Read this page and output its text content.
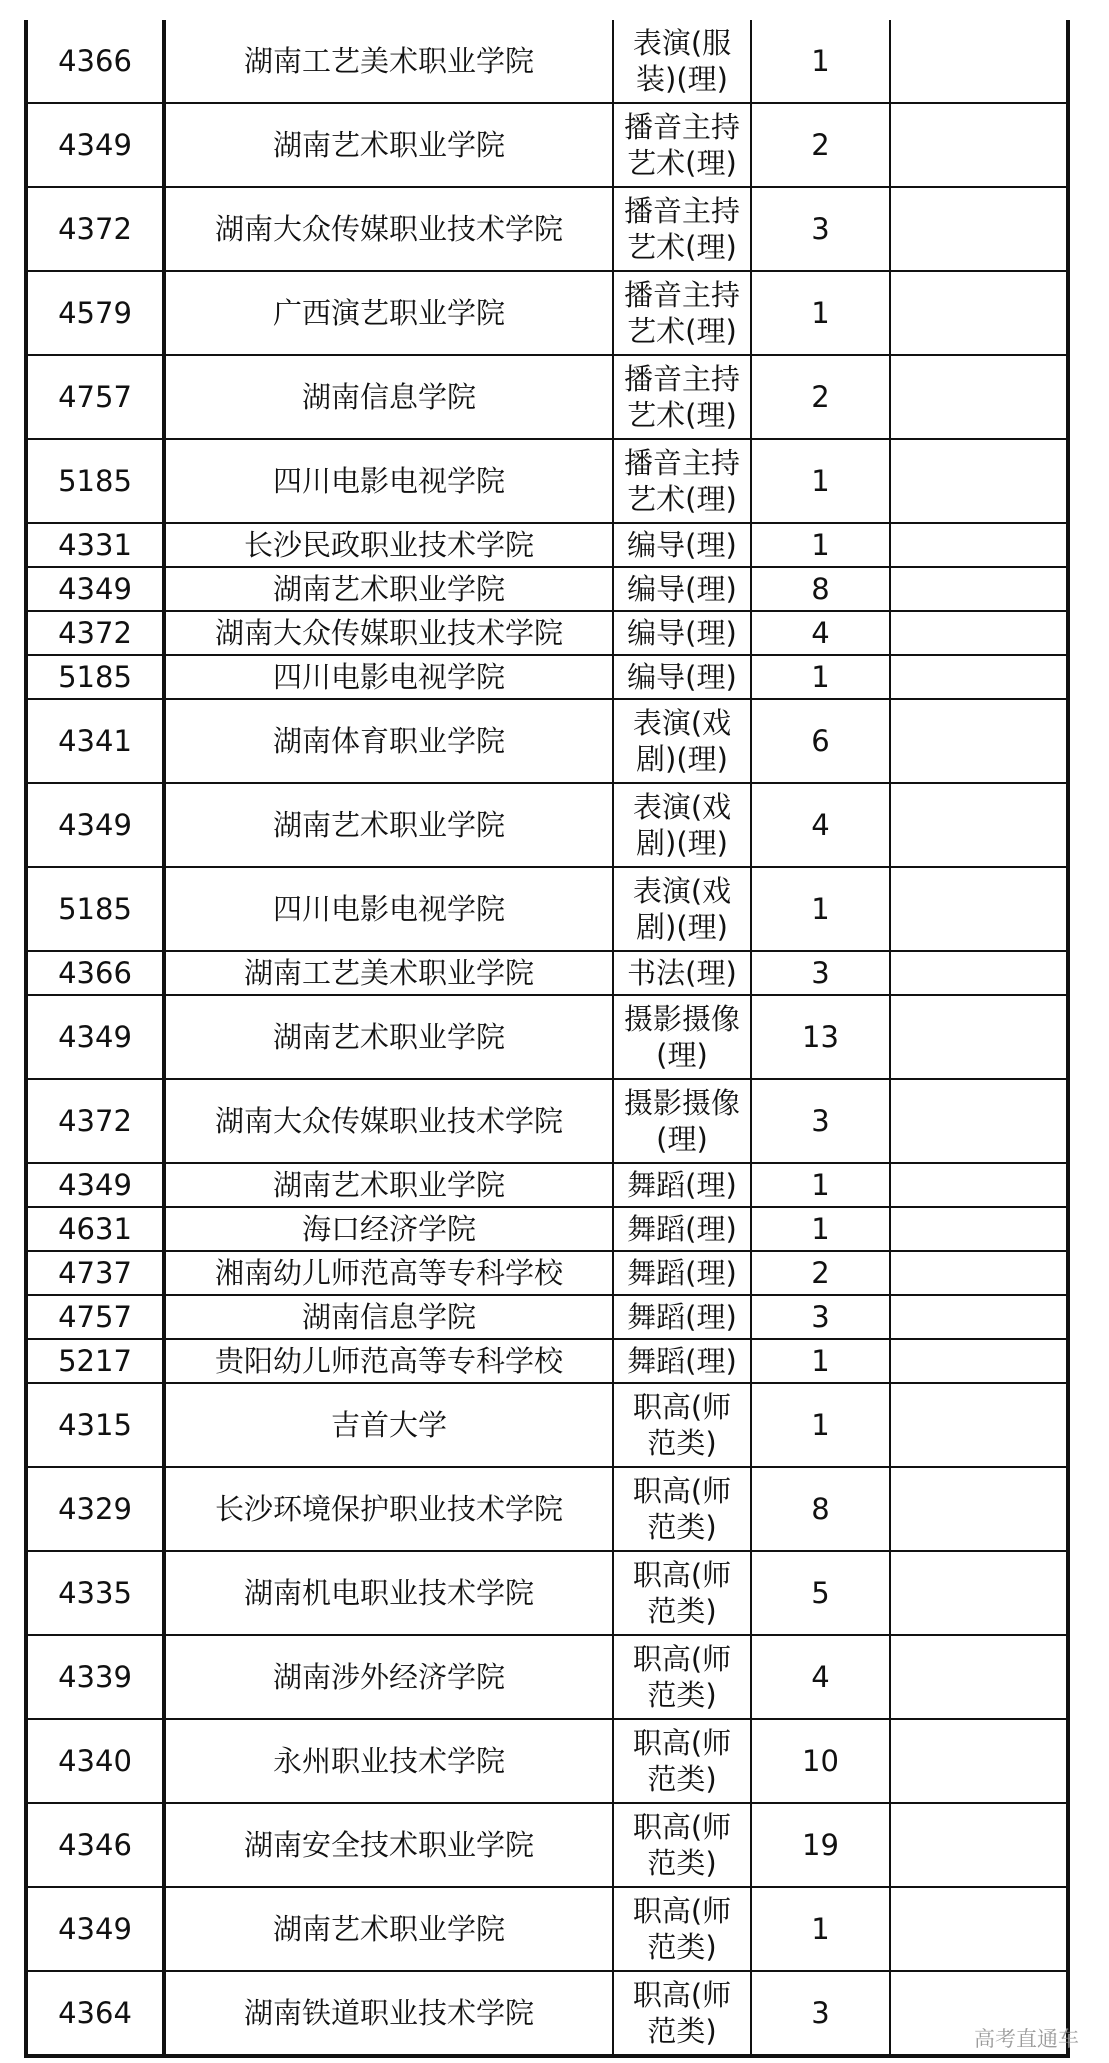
4366	湖南工艺美术职业学院	表演(服
装)(理)	1	
4349	湖南艺术职业学院	播音主持
艺术(理)	2	
4372	湖南大众传媒职业技术学院	播音主持
艺术(理)	3	
4579	广西演艺职业学院	播音主持
艺术(理)	1	
4757	湖南信息学院	播音主持
艺术(理)	2	
5185	四川电影电视学院	播音主持
艺术(理)	1	
4331	长沙民政职业技术学院	编导(理)	1	
4349	湖南艺术职业学院	编导(理)	8	
4372	湖南大众传媒职业技术学院	编导(理)	4	
5185	四川电影电视学院	编导(理)	1	
4341	湖南体育职业学院	表演(戏
剧)(理)	6	
4349	湖南艺术职业学院	表演(戏
剧)(理)	4	
5185	四川电影电视学院	表演(戏
剧)(理)	1	
4366	湖南工艺美术职业学院	书法(理)	3	
4349	湖南艺术职业学院	摄影摄像
(理)	13	
4372	湖南大众传媒职业技术学院	摄影摄像
(理)	3	
4349	湖南艺术职业学院	舞蹈(理)	1	
4631	海口经济学院	舞蹈(理)	1	
4737	湘南幼儿师范高等专科学校	舞蹈(理)	2	
4757	湖南信息学院	舞蹈(理)	3	
5217	贵阳幼儿师范高等专科学校	舞蹈(理)	1	
4315	吉首大学	职高(师
范类)	1	
4329	长沙环境保护职业技术学院	职高(师
范类)	8	
4335	湖南机电职业技术学院	职高(师
范类)	5	
4339	湖南涉外经济学院	职高(师
范类)	4	
4340	永州职业技术学院	职高(师
范类)	10	
4346	湖南安全技术职业学院	职高(师
范类)	19	
4349	湖南艺术职业学院	职高(师
范类)	1	
4364	湖南铁道职业技术学院	职高(师
范类)	3	
高考直通车
